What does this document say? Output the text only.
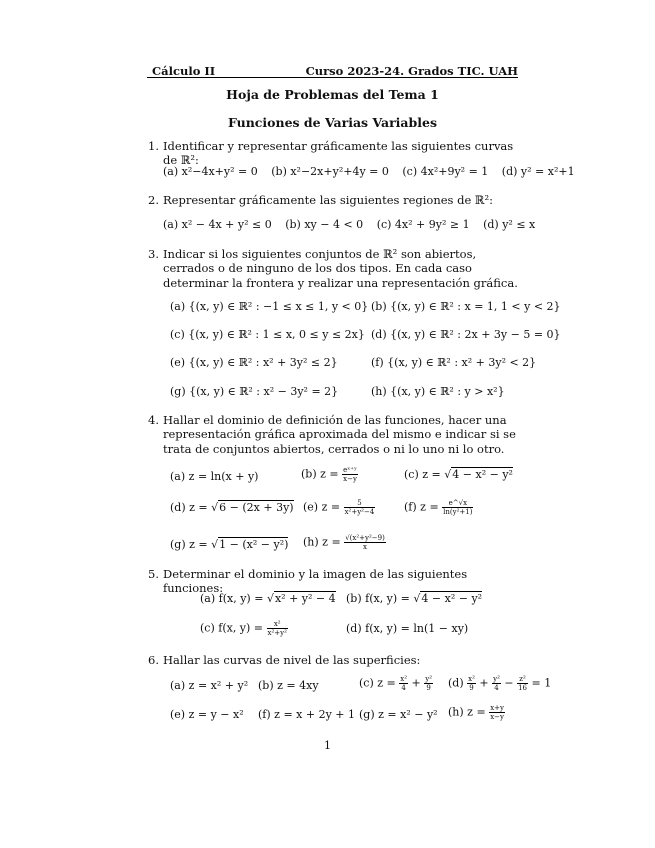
Cálculo II	Curso 2023-24. Grados TIC. UAH
Hoja de Problemas del Tema 1
Funciones de Varias Variables
1. Identificar y representar gráficamente las siguientes curvas de ℝ²:
(a) x²−4x+y² = 0 (b) x²−2x+y²+4y = 0 (c) 4x²+9y² = 1 (d) y² = x²+1
2. Representar gráficamente las siguientes regiones de ℝ²:
(a) x² − 4x + y² ≤ 0 (b) xy − 4 < 0 (c) 4x² + 9y² ≥ 1 (d) y² ≤ x
3. Indicar si los siguientes conjuntos de ℝ² son abiertos, cerrados o de ninguno de los dos tipos. En cada caso determinar la frontera y realizar una representación gráfica.
(a) {(x, y) ∈ ℝ² : −1 ≤ x ≤ 1, y < 0} (b) {(x, y) ∈ ℝ² : x = 1, 1 < y < 2}
(c) {(x, y) ∈ ℝ² : 1 ≤ x, 0 ≤ y ≤ 2x} (d) {(x, y) ∈ ℝ² : 2x + 3y − 5 = 0}
(e) {(x, y) ∈ ℝ² : x² + 3y² ≤ 2}	(f) {(x, y) ∈ ℝ² : x² + 3y² < 2}
(g) {(x, y) ∈ ℝ² : x² − 3y² = 2}	(h) {(x, y) ∈ ℝ² : y > x²}
4. Hallar el dominio de definición de las funciones, hacer una representación gráfica aproximada del mismo e indicar si se trata de conjuntos abiertos, cerrados o ni lo uno ni lo otro.
(a) z = ln(x + y)	(b) $z = \frac{\text{eˣ⁺ʸ}}{x-y}$	(c) z = √4 − x² − y²
(d) z = √6 − (2x + 3y) (e) $z = \frac{5}{\text{x²+y²−4}}$	(f) $z = \frac{e\^{}√x}{\text{ln(y²+1)}}$
(g) z = √1 − (x² − y²) (h) $z = \frac{\text{√(x²+y²−9)}}{x}$
5. Determinar el dominio y la imagen de las siguientes funciones:
(a) f(x, y) = √x² + y² − 4 (b) f(x, y) = √4 − x² − y²
(c) f(x, $y) = \frac{\text{x²}}{\text{x²+y²}}$	(d) f(x, y) = ln(1 − xy)
6. Hallar las curvas de nivel de las superficies:
(a) z = x² + y² (b) z = 4xy	(c) $z = \frac{\text{x²}}{4} + \frac{\text{y²}}{9} (d) \frac{\text{x²}}{9} + \frac{\text{y²}}{4} - \frac{\text{z²}}{16} = 1$
(e) z = y − x² (f) z = x + 2y + 1 (g) z = x² − y² (h) $z = \frac{x+y}{x-y}$
1
